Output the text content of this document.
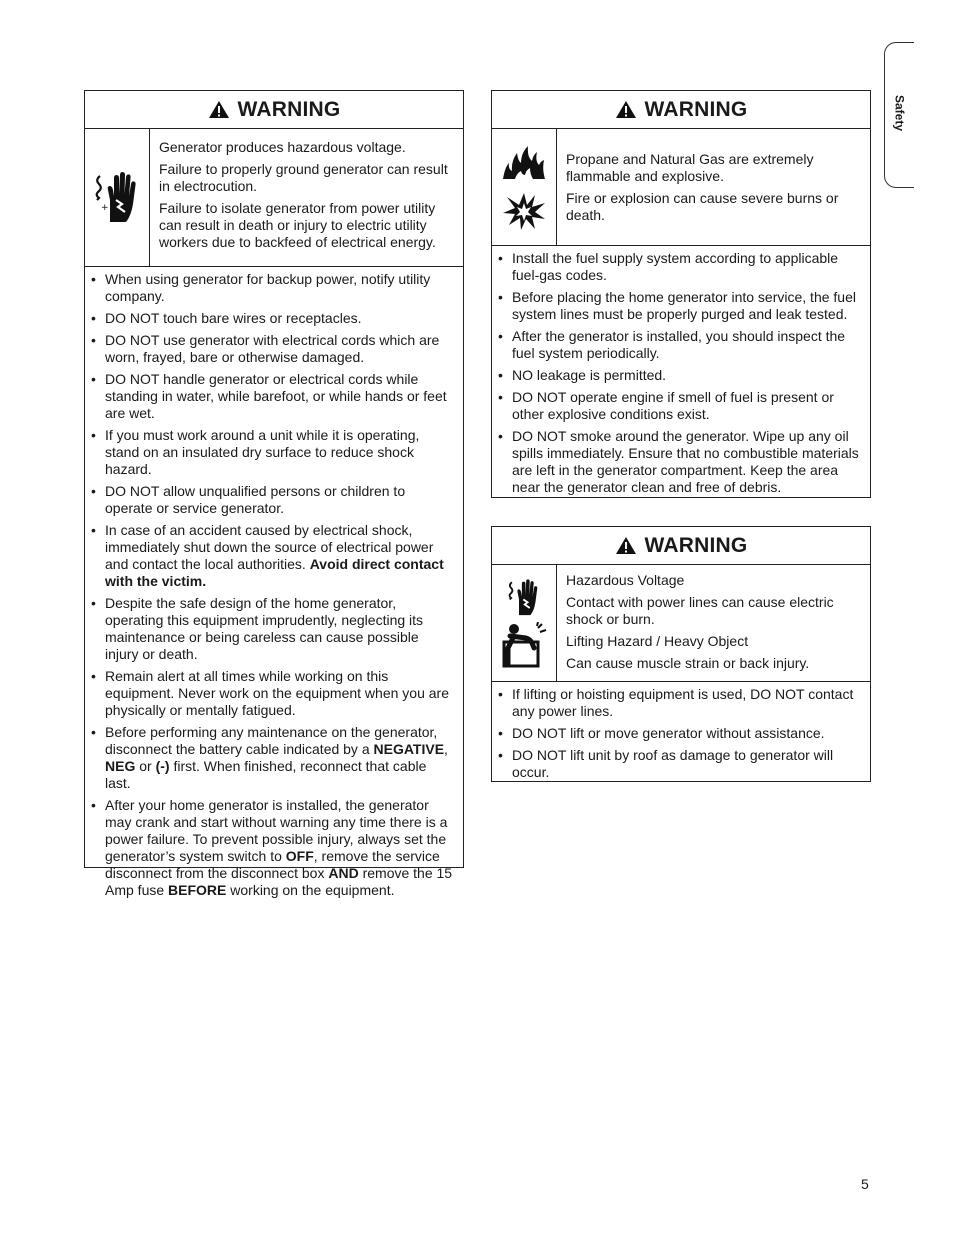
Safety
WARNING
+

Generator produces hazardous voltage.

Failure to properly ground generator can result in electrocution.

Failure to isolate generator from power utility can result in death or injury to electric utility workers due to backfeed of electrical energy.

• When using generator for backup power, notify utility company.
• DO NOT touch bare wires or receptacles.
• DO NOT use generator with electrical cords which are worn, frayed, bare or otherwise damaged.
• DO NOT handle generator or electrical cords while standing in water, while barefoot, or while hands or feet are wet.
• If you must work around a unit while it is operating, stand on an insulated dry surface to reduce shock hazard.
• DO NOT allow unqualified persons or children to operate or service generator.
• In case of an accident caused by electrical shock, immediately shut down the source of electrical power and contact the local authorities. Avoid direct contact with the victim.
• Despite the safe design of the home generator, operating this equipment imprudently, neglecting its maintenance or being careless can cause possible injury or death.
• Remain alert at all times while working on this equipment. Never work on the equipment when you are physically or mentally fatigued.
• Before performing any maintenance on the generator, disconnect the battery cable indicated by a NEGATIVE, NEG or (-) first. When finished, reconnect that cable last.
• After your home generator is installed, the generator may crank and start without warning any time there is a power failure. To prevent possible injury, always set the generator’s system switch to OFF, remove the service disconnect from the disconnect box AND remove the 15 Amp fuse BEFORE working on the equipment.
WARNING

Propane and Natural Gas are extremely flammable and explosive.

Fire or explosion can cause severe burns or death.

• Install the fuel supply system according to applicable fuel-gas codes.
• Before placing the home generator into service, the fuel system lines must be properly purged and leak tested.
• After the generator is installed, you should inspect the fuel system periodically.
• NO leakage is permitted.
• DO NOT operate engine if smell of fuel is present or other explosive conditions exist.
• DO NOT smoke around the generator. Wipe up any oil spills immediately. Ensure that no combustible materials are left in the generator compartment. Keep the area near the generator clean and free of debris.
WARNING

Hazardous Voltage

Contact with power lines can cause electric shock or burn.

Lifting Hazard / Heavy Object

Can cause muscle strain or back injury.

• If lifting or hoisting equipment is used, DO NOT contact any power lines.
• DO NOT lift or move generator without assistance.
• DO NOT lift unit by roof as damage to generator will occur.
5
